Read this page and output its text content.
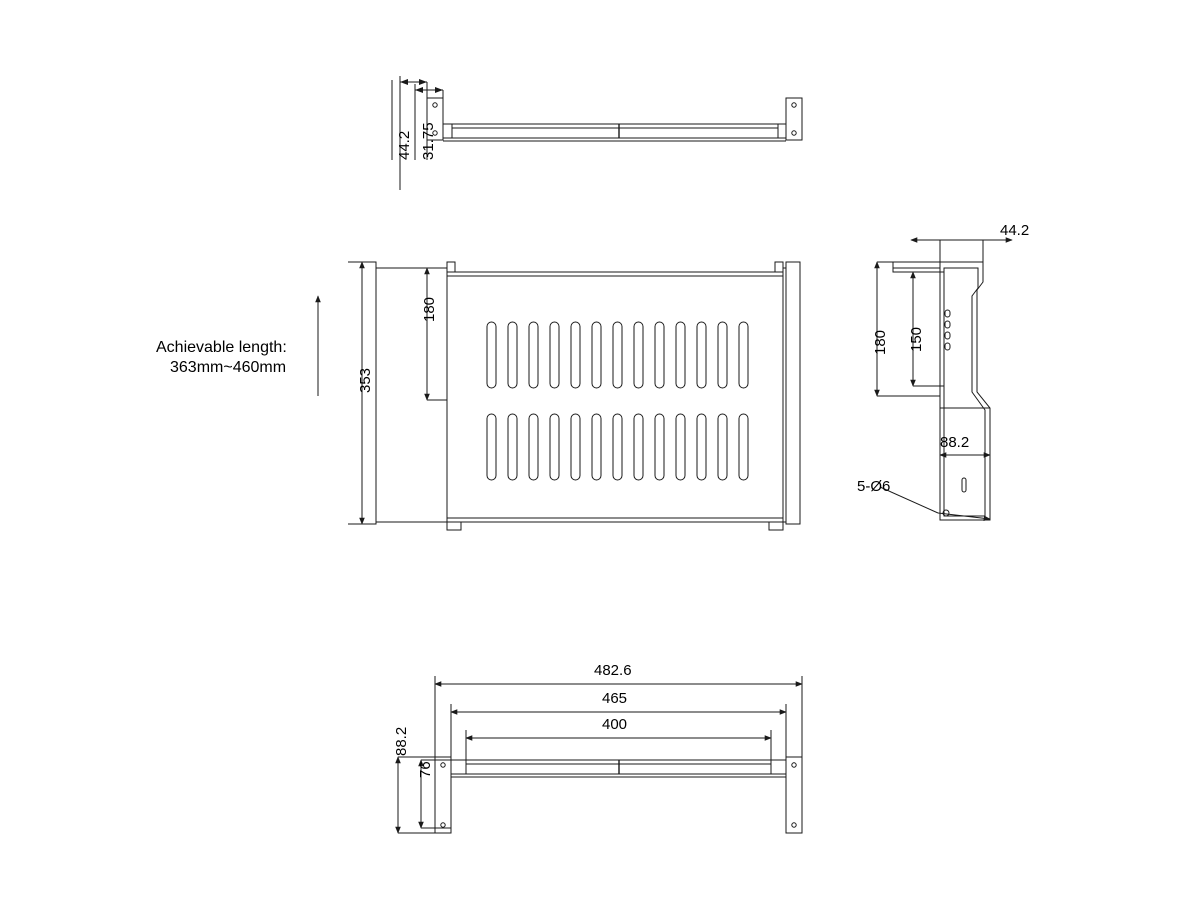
44.2 31.75
180
353
Achievable length:
363mm~460mm
44.2
180 150
88.2
5-Ø6
482.6
465
400
88.2
76
